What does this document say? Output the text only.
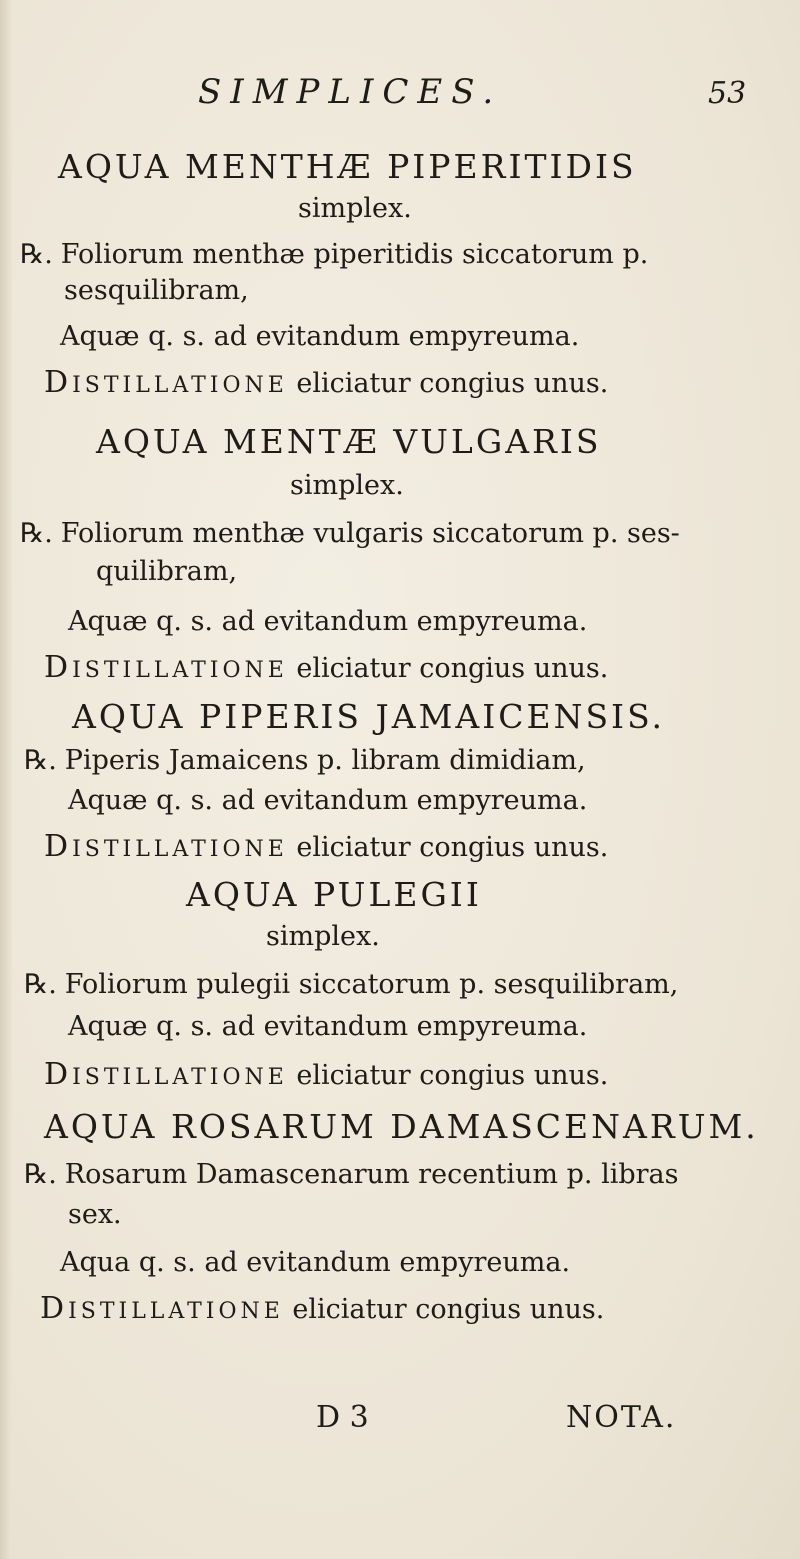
SIMPLICES.	53
AQUA MENTHÆ PIPERITIDIS
simplex.
℞. Foliorum menthæ piperitidis siccatorum p.
sesquilibram,
Aquæ q. s. ad evitandum empyreuma.
DISTILLATIONE eliciatur congius unus.
AQUA MENTÆ VULGARIS
simplex.
℞. Foliorum menthæ vulgaris siccatorum p. ses-
quilibram,
Aquæ q. s. ad evitandum empyreuma.
DISTILLATIONE eliciatur congius unus.
AQUA PIPERIS JAMAICENSIS.
℞. Piperis Jamaicens p. libram dimidiam,
Aquæ q. s. ad evitandum empyreuma.
DISTILLATIONE eliciatur congius unus.
AQUA PULEGII
simplex.
℞. Foliorum pulegii siccatorum p. sesquilibram,
Aquæ q. s. ad evitandum empyreuma.
DISTILLATIONE eliciatur congius unus.
AQUA ROSARUM DAMASCENARUM.
℞. Rosarum Damascenarum recentium p. libras
sex.
Aqua q. s. ad evitandum empyreuma.
DISTILLATIONE eliciatur congius unus.
D 3	NOTA.
